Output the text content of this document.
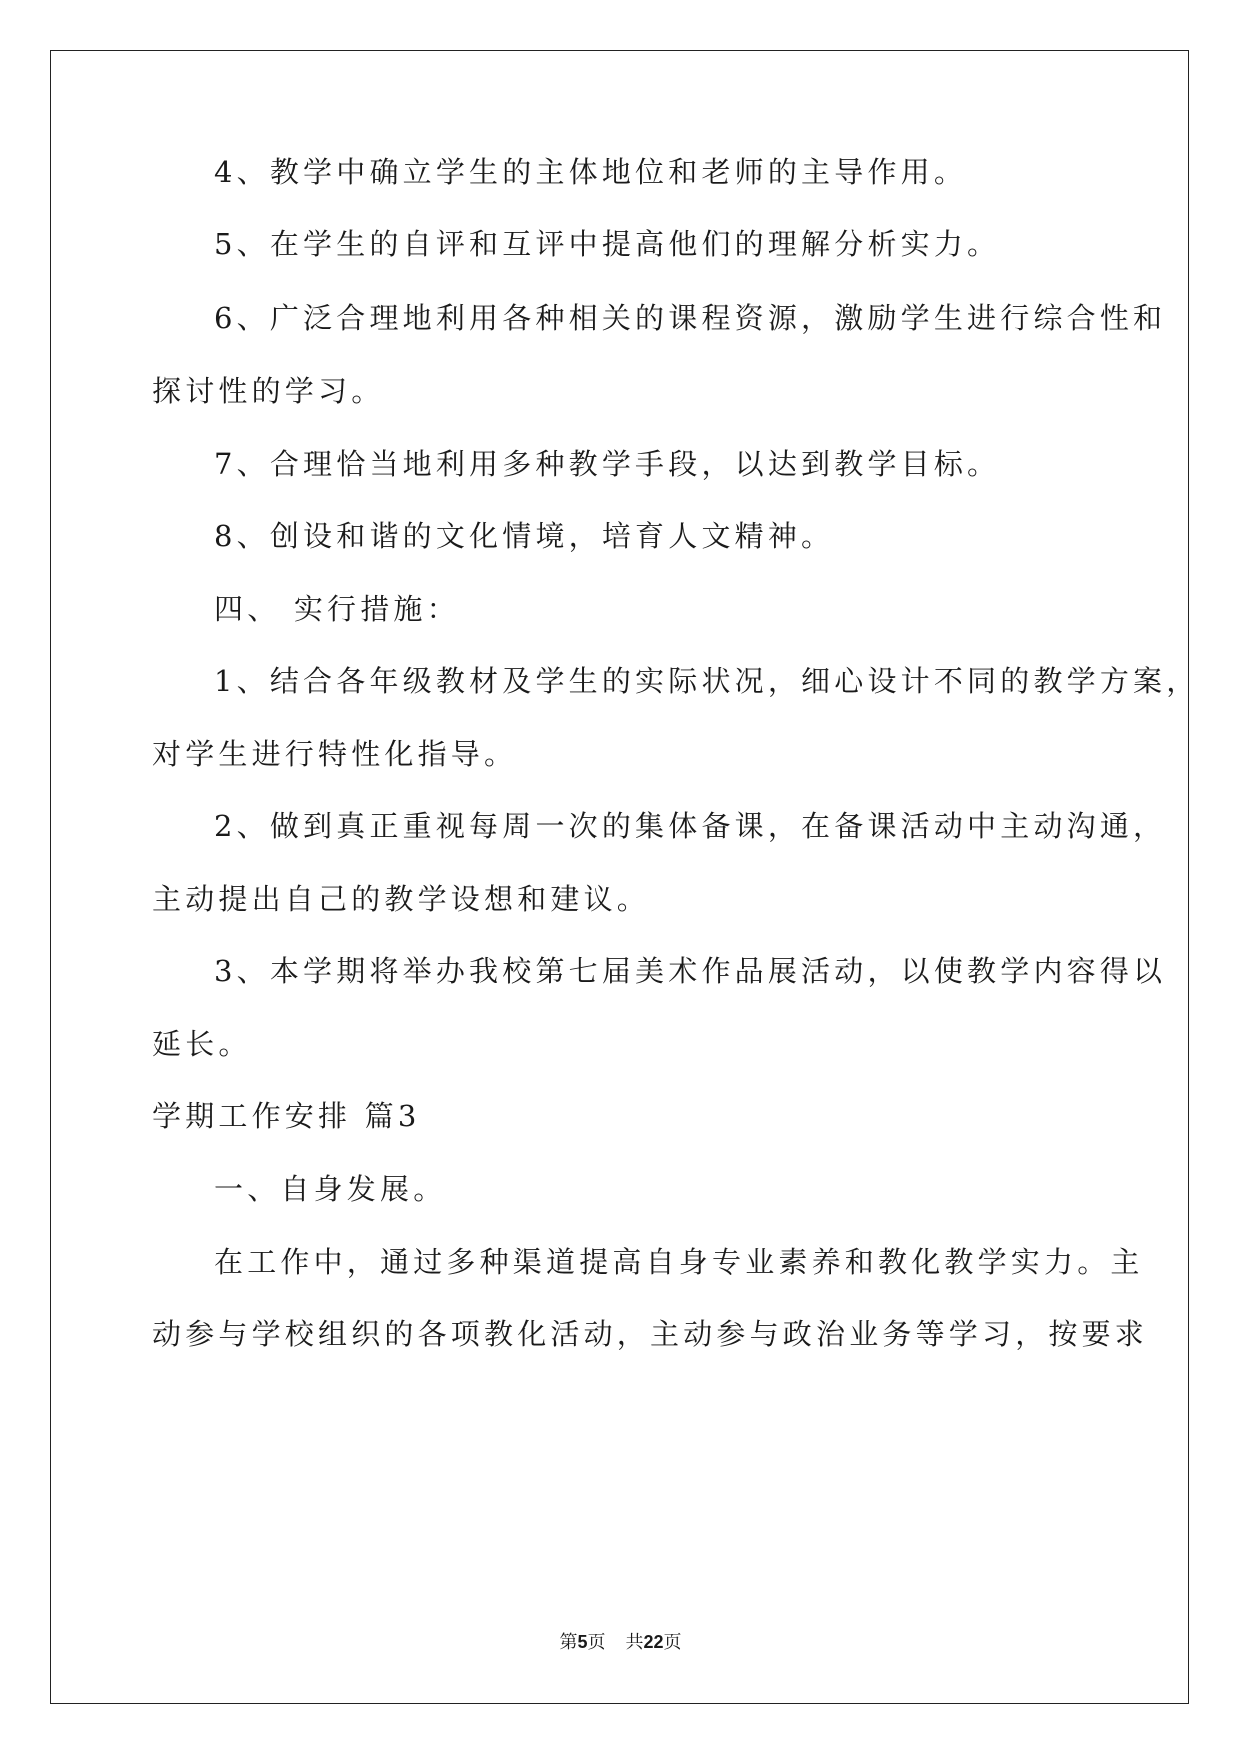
4、教学中确立学生的主体地位和老师的主导作用。
5、在学生的自评和互评中提高他们的理解分析实力。
6、广泛合理地利用各种相关的课程资源，激励学生进行综合性和
探讨性的学习。
7、合理恰当地利用多种教学手段，以达到教学目标。
8、创设和谐的文化情境，培育人文精神。
四、 实行措施：
1、结合各年级教材及学生的实际状况，细心设计不同的教学方案，
对学生进行特性化指导。
2、做到真正重视每周一次的集体备课，在备课活动中主动沟通，
主动提出自己的教学设想和建议。
3、本学期将举办我校第七届美术作品展活动，以使教学内容得以
延长。
学期工作安排 篇3
一、自身发展。
在工作中，通过多种渠道提高自身专业素养和教化教学实力。主
动参与学校组织的各项教化活动，主动参与政治业务等学习，按要求
第5页 共22页
